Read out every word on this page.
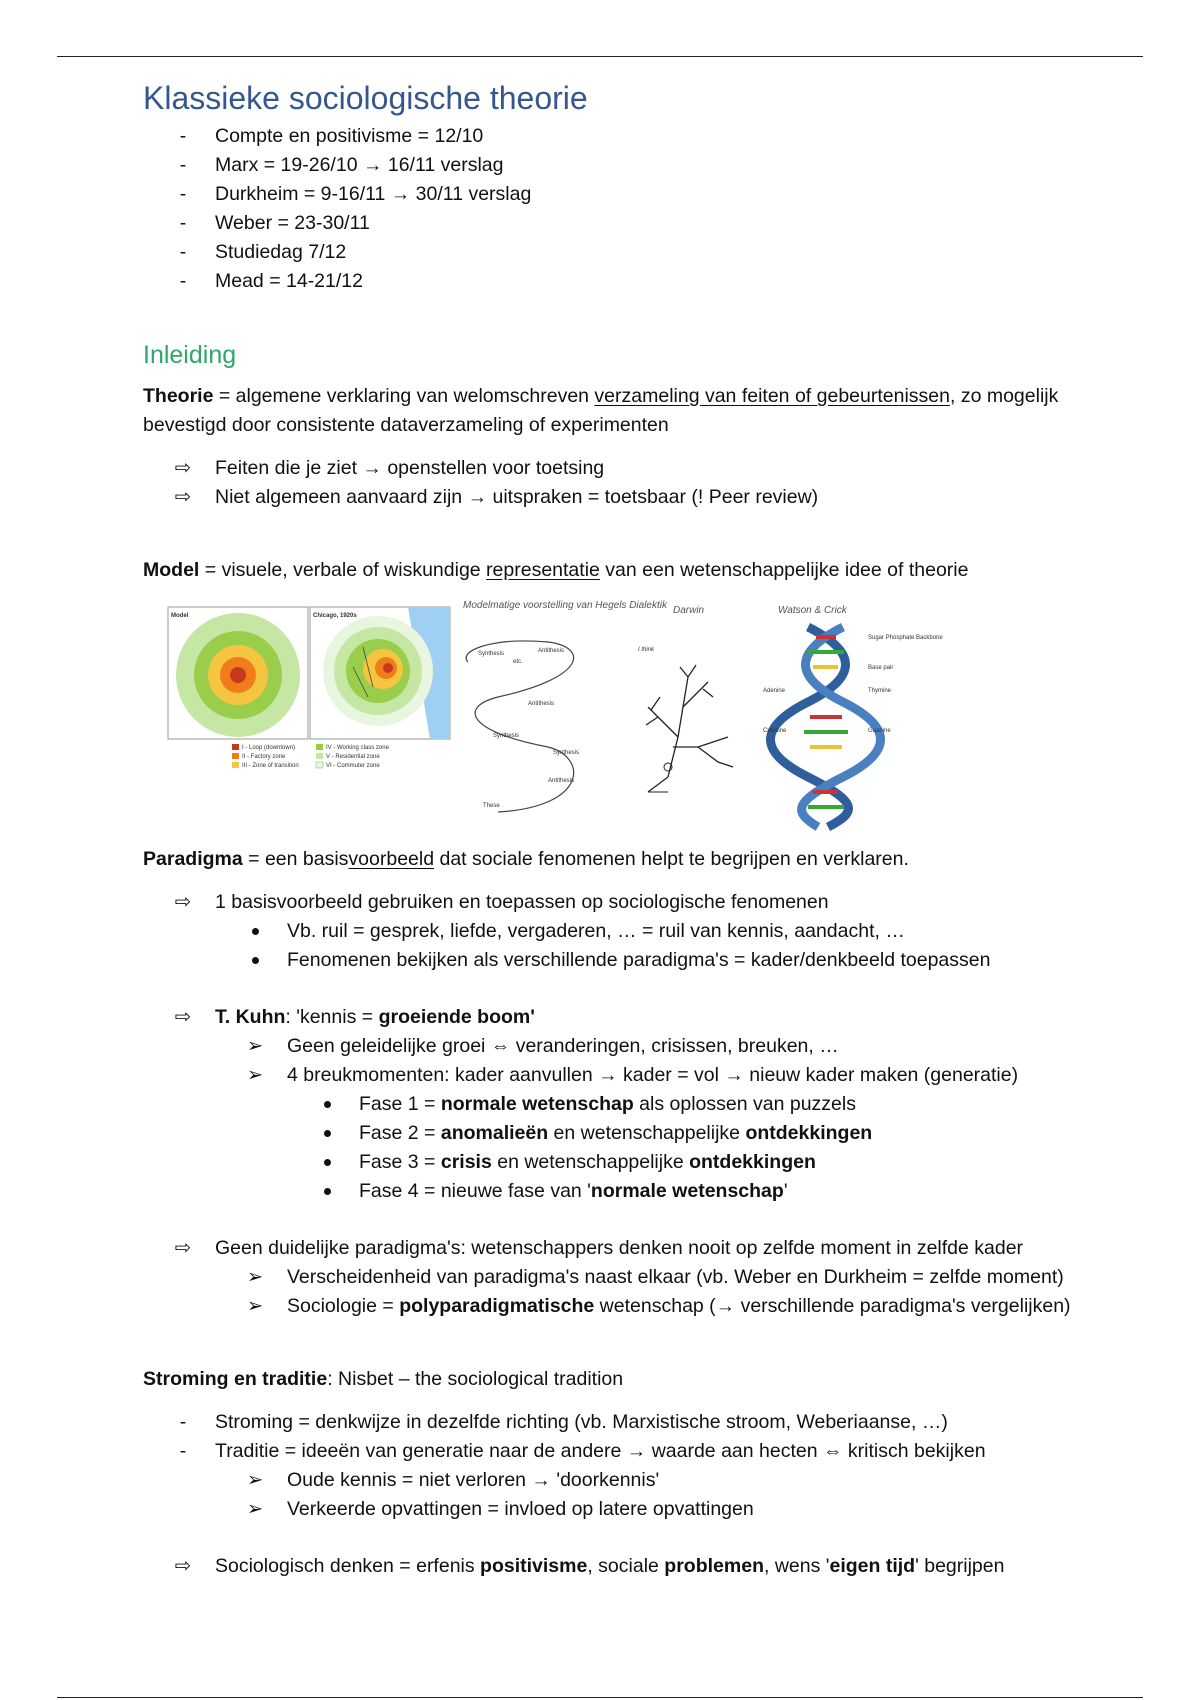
Klassieke sociologische theorie
-	Compte en positivisme = 12/10
-	Marx = 19-26/10 → 16/11 verslag
-	Durkheim = 9-16/11 → 30/11 verslag
-	Weber = 23-30/11
-	Studiedag 7/12
-	Mead = 14-21/12
Inleiding

Theorie = algemene verklaring van welomschreven verzameling van feiten of gebeurtenissen, zo mogelijk bevestigd door consistente dataverzameling of experimenten

⇨ Feiten die je ziet → openstellen voor toetsing
⇨ Niet algemeen aanvaard zijn → uitspraken = toetsbaar (! Peer review)

Model = visuele, verbale of wiskundige representatie van een wetenschappelijke idee of theorie

Model	Chicago, 1920s
I - Loop (downtown)
II - Factory zone
III - Zone of transition
IV - Working class zone
V - Residential zone
VI - Commuter zone
Modelmatige voorstelling van Hegels Dialektik
Synthesis	Antithesis
etc.
Antithesis
Synthesis
Synthesis
Antithesis
These
Darwin
I think
Watson & Crick
Sugar Phosphate Backbone
Base pair
Thymine
Adenine
Guanine
Cytosine

Paradigma = een basisvoorbeeld dat sociale fenomenen helpt te begrijpen en verklaren.

⇨ 1 basisvoorbeeld gebruiken en toepassen op sociologische fenomenen
Vb. ruil = gesprek, liefde, vergaderen, … = ruil van kennis, aandacht, …
Fenomenen bekijken als verschillende paradigma's = kader/denkbeeld toepassen
⇨ T. Kuhn: 'kennis = groeiende boom'
➢ Geen geleidelijke groei ⇔ veranderingen, crisissen, breuken, …
➢ 4 breukmomenten: kader aanvullen → kader = vol → nieuw kader maken (generatie)
Fase 1 = normale wetenschap als oplossen van puzzels
Fase 2 = anomalieën en wetenschappelijke ontdekkingen
Fase 3 = crisis en wetenschappelijke ontdekkingen
Fase 4 = nieuwe fase van 'normale wetenschap'
⇨ Geen duidelijke paradigma's: wetenschappers denken nooit op zelfde moment in zelfde kader
➢ Verscheidenheid van paradigma's naast elkaar (vb. Weber en Durkheim = zelfde moment)
➢ Sociologie = polyparadigmatische wetenschap (→ verschillende paradigma's vergelijken)

Stroming en traditie: Nisbet – the sociological tradition

-	Stroming = denkwijze in dezelfde richting (vb. Marxistische stroom, Weberiaanse, …)
-	Traditie = ideeën van generatie naar de andere → waarde aan hecten ⇔ kritisch bekijken
➢ Oude kennis = niet verloren → 'doorkennis'
➢ Verkeerde opvattingen = invloed op latere opvattingen
⇨ Sociologisch denken = erfenis positivisme, sociale problemen, wens 'eigen tijd' begrijpen
